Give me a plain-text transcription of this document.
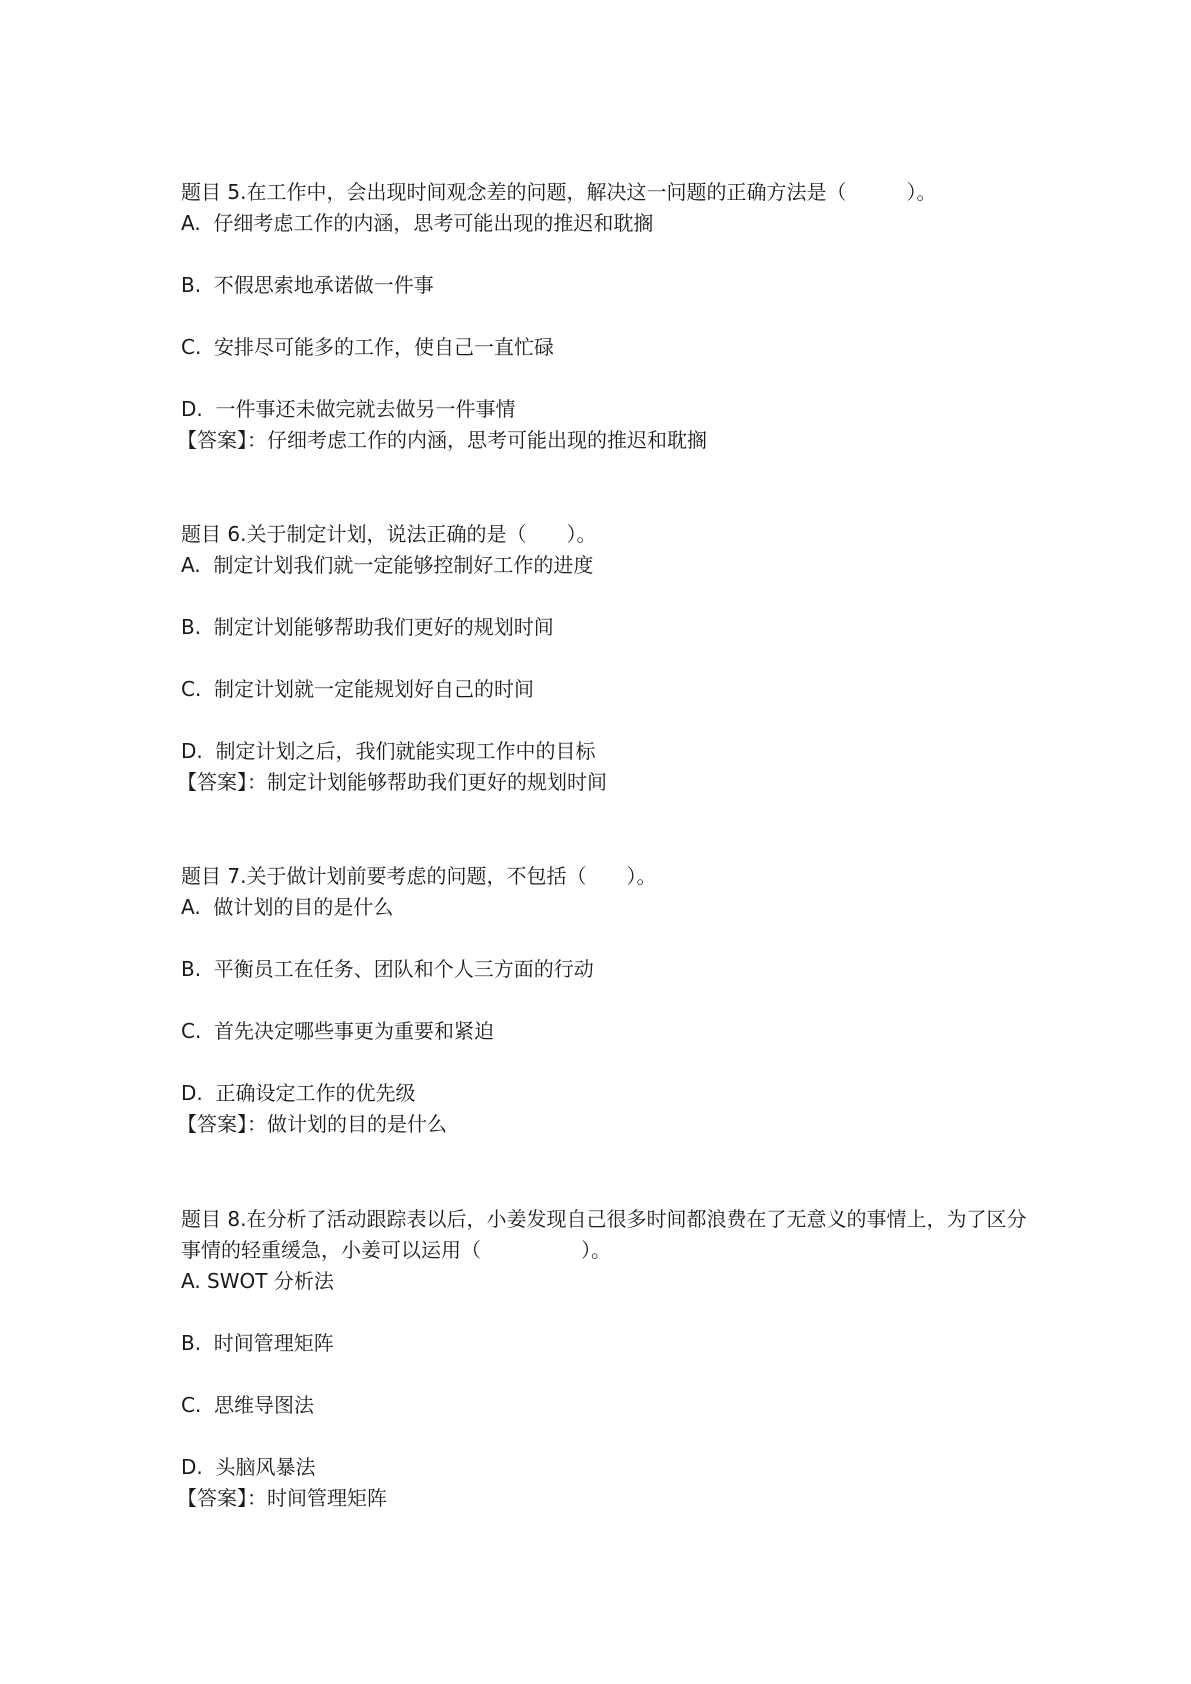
题目 5.在工作中，会出现时间观念差的问题，解决这一问题的正确方法是（　　　）。

A.  仔细考虑工作的内涵，思考可能出现的推迟和耽搁

B.  不假思索地承诺做一件事

C.  安排尽可能多的工作，使自己一直忙碌

D.  一件事还未做完就去做另一件事情

【答案】：仔细考虑工作的内涵，思考可能出现的推迟和耽搁

题目 6.关于制定计划，说法正确的是（　　）。

A.  制定计划我们就一定能够控制好工作的进度

B.  制定计划能够帮助我们更好的规划时间

C.  制定计划就一定能规划好自己的时间

D.  制定计划之后，我们就能实现工作中的目标

【答案】：制定计划能够帮助我们更好的规划时间

题目 7.关于做计划前要考虑的问题，不包括（　　）。

A.  做计划的目的是什么

B.  平衡员工在任务、团队和个人三方面的行动

C.  首先决定哪些事更为重要和紧迫

D.  正确设定工作的优先级

【答案】：做计划的目的是什么

题目 8.在分析了活动跟踪表以后，小姜发现自己很多时间都浪费在了无意义的事情上，为了区分事情的轻重缓急，小姜可以运用（　　　　　）。

A. SWOT 分析法

B.  时间管理矩阵

C.  思维导图法

D.  头脑风暴法

【答案】：时间管理矩阵
